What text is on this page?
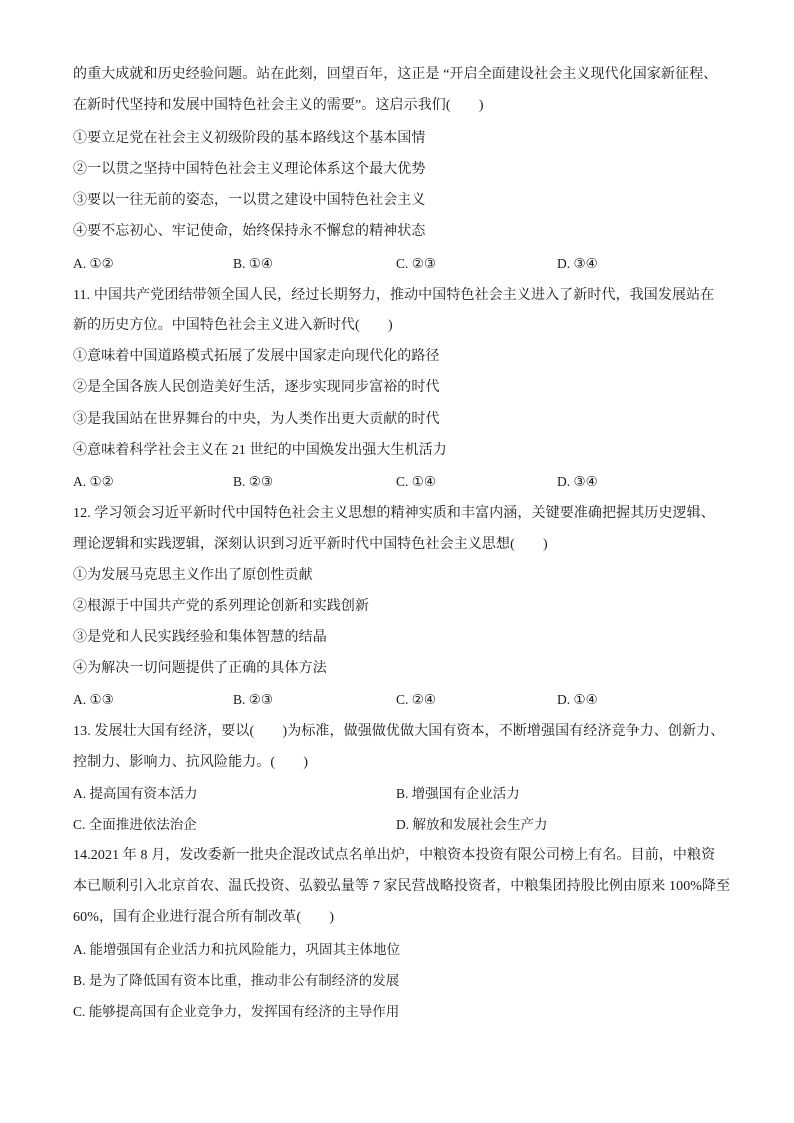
的重大成就和历史经验问题。站在此刻，回望百年，这正是 “开启全面建设社会主义现代化国家新征程、
在新时代坚持和发展中国特色社会主义的需要”。这启示我们(　　)
①要立足党在社会主义初级阶段的基本路线这个基本国情
②一以贯之坚持中国特色社会主义理论体系这个最大优势
③要以一往无前的姿态，一以贯之建设中国特色社会主义
④要不忘初心、牢记使命，始终保持永不懈怠的精神状态
A. ①②	B. ①④	C. ②③	D. ③④
11. 中国共产党团结带领全国人民，经过长期努力，推动中国特色社会主义进入了新时代，我国发展站在
新的历史方位。中国特色社会主义进入新时代(　　)
①意味着中国道路模式拓展了发展中国家走向现代化的路径
②是全国各族人民创造美好生活，逐步实现同步富裕的时代
③是我国站在世界舞台的中央，为人类作出更大贡献的时代
④意味着科学社会主义在 21 世纪的中国焕发出强大生机活力
A. ①②	B. ②③	C. ①④	D. ③④
12. 学习领会习近平新时代中国特色社会主义思想的精神实质和丰富内涵，关键要准确把握其历史逻辑、
理论逻辑和实践逻辑，深刻认识到习近平新时代中国特色社会主义思想(　　)
①为发展马克思主义作出了原创性贡献
②根源于中国共产党的系列理论创新和实践创新
③是党和人民实践经验和集体智慧的结晶
④为解决一切问题提供了正确的具体方法
A. ①③	B. ②③	C. ②④	D. ①④
13. 发展壮大国有经济，要以(　　)为标准，做强做优做大国有资本，不断增强国有经济竞争力、创新力、
控制力、影响力、抗风险能力。(　　)
A. 提高国有资本活力	B. 增强国有企业活力
C. 全面推进依法治企	D. 解放和发展社会生产力
14.2021 年 8 月，发改委新一批央企混改试点名单出炉，中粮资本投资有限公司榜上有名。目前，中粮资
本已顺利引入北京首农、温氏投资、弘毅弘量等 7 家民营战略投资者，中粮集团持股比例由原来 100%降至
60%，国有企业进行混合所有制改革(　　)
A. 能增强国有企业活力和抗风险能力，巩固其主体地位
B. 是为了降低国有资本比重，推动非公有制经济的发展
C. 能够提高国有企业竞争力，发挥国有经济的主导作用
